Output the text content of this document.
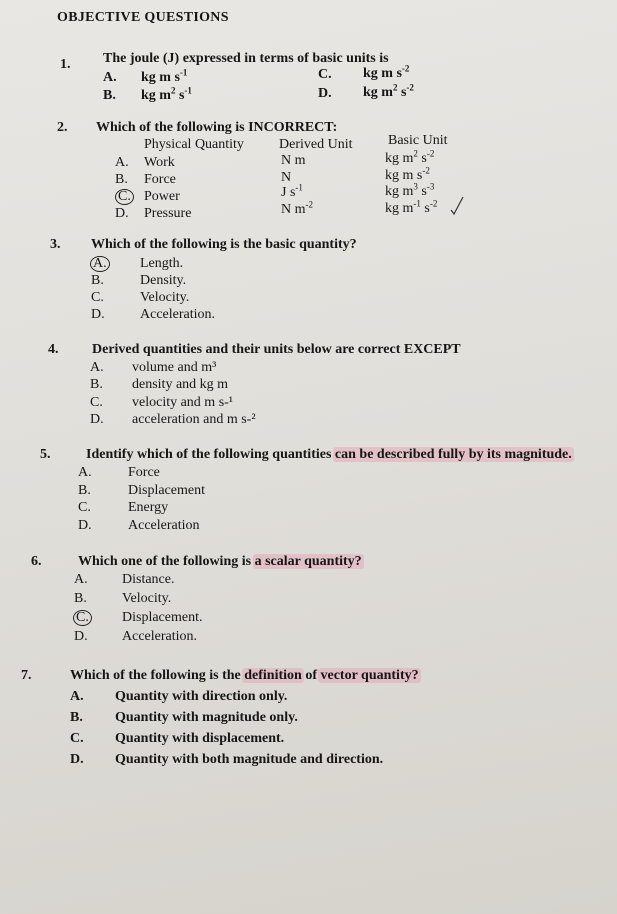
OBJECTIVE QUESTIONS
1. The joule (J) expressed in terms of basic units is
A. kg m $s^{-1}$
B. kg $m^2$ $s^{-1}$
C. kg m $s^{-2}$
D. kg $m^2$ $s^{-2}$
2. Which of the following is INCORRECT:
Physical Quantity	Derived Unit	Basic Unit
A. Work	N m	kg $m^2$ $s^{-2}$
B. Force	N	kg m $s^{-2}$
C. Power	J $s^{-1}$	kg $m^3$ $s^{-3}$
D. Pressure	N $m^{-2}$	kg $m^{-1}$ $s^{-2}$
3. Which of the following is the basic quantity?
A. Length.
B.	Density.
C.	Velocity.
D.	Acceleration.
4. Derived quantities and their units below are correct EXCEPT
A. volume and m³
B. density and kg m
C. velocity and m s-¹
D. acceleration and m s-²
5.	Identify which of the following quantities can be described fully by its magnitude.
A.	Force
B.	Displacement
C.	Energy
D.	Acceleration
6.	Which one of the following is a scalar quantity?
A. Distance.
B.	Velocity.
C. Displacement.
D. Acceleration.
7.	Which of the following is the definition of vector quantity?
A. Quantity with direction only.
B. Quantity with magnitude only.
C. Quantity with displacement.
D. Quantity with both magnitude and direction.
